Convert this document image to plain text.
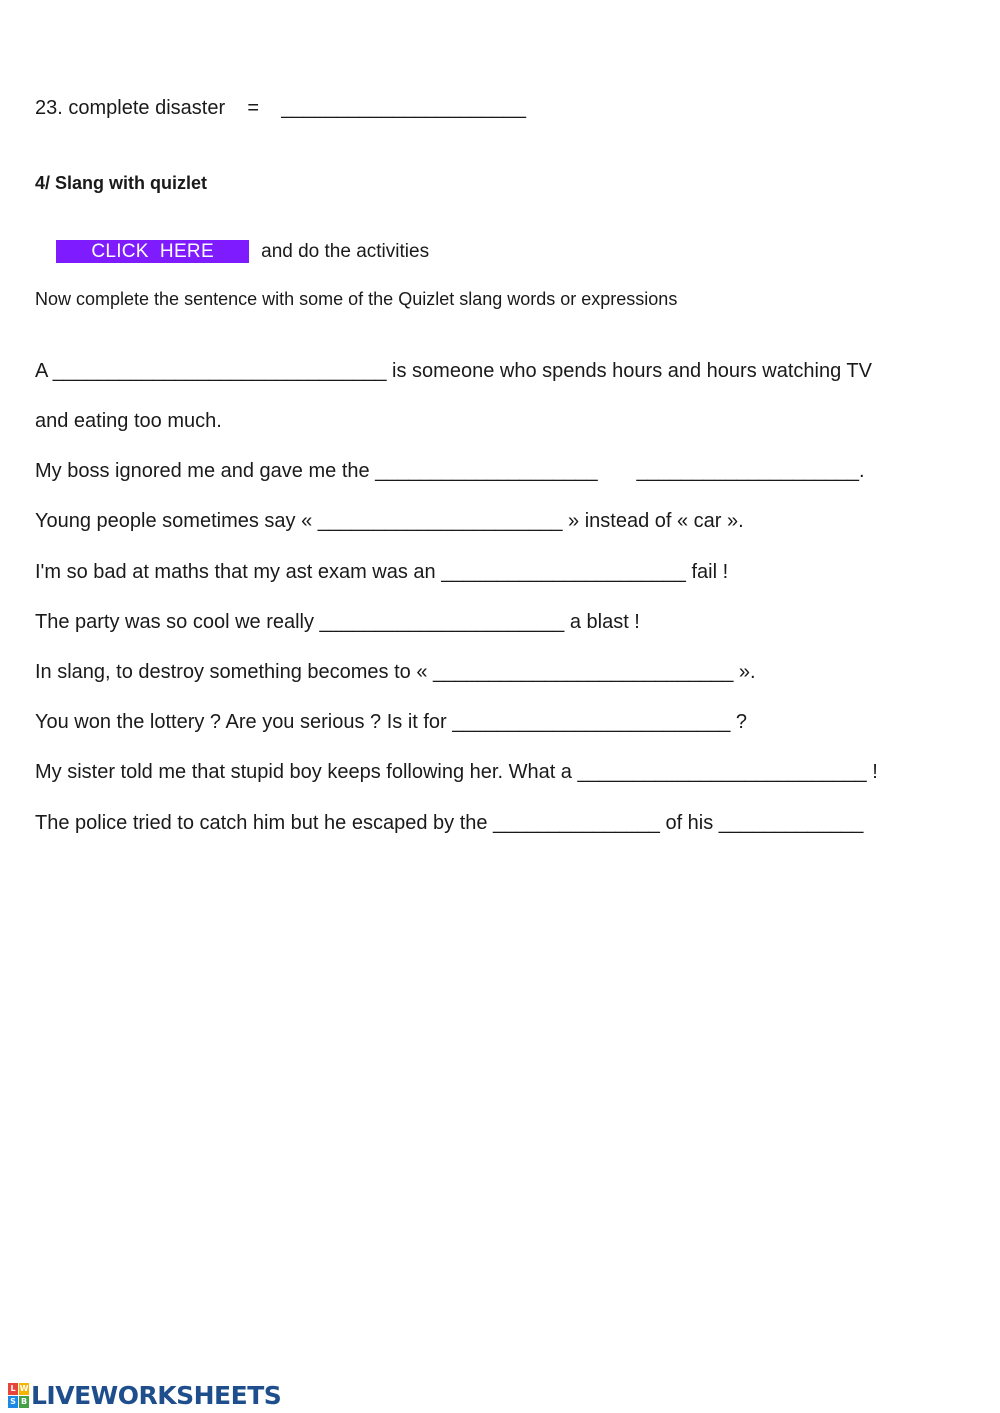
23. complete disaster    =    ______________________
4/ Slang with quizlet

CLICK  HERE and do the activities

Now complete the sentence with some of the Quizlet slang words or expressions
A ______________________________ is someone who spends hours and hours watching TV
and eating too much.
My boss ignored me and gave me the ____________________       ____________________.
Young people sometimes say « ______________________ » instead of « car ».
I'm so bad at maths that my ast exam was an ______________________ fail !
The party was so cool we really ______________________ a blast !
In slang, to destroy something becomes to « ___________________________ ».
You won the lottery ? Are you serious ? Is it for _________________________ ?
My sister told me that stupid boy keeps following her. What a __________________________ !
The police tried to catch him but he escaped by the _______________ of his _____________
L W
S B LIVEWORKSHEETS
